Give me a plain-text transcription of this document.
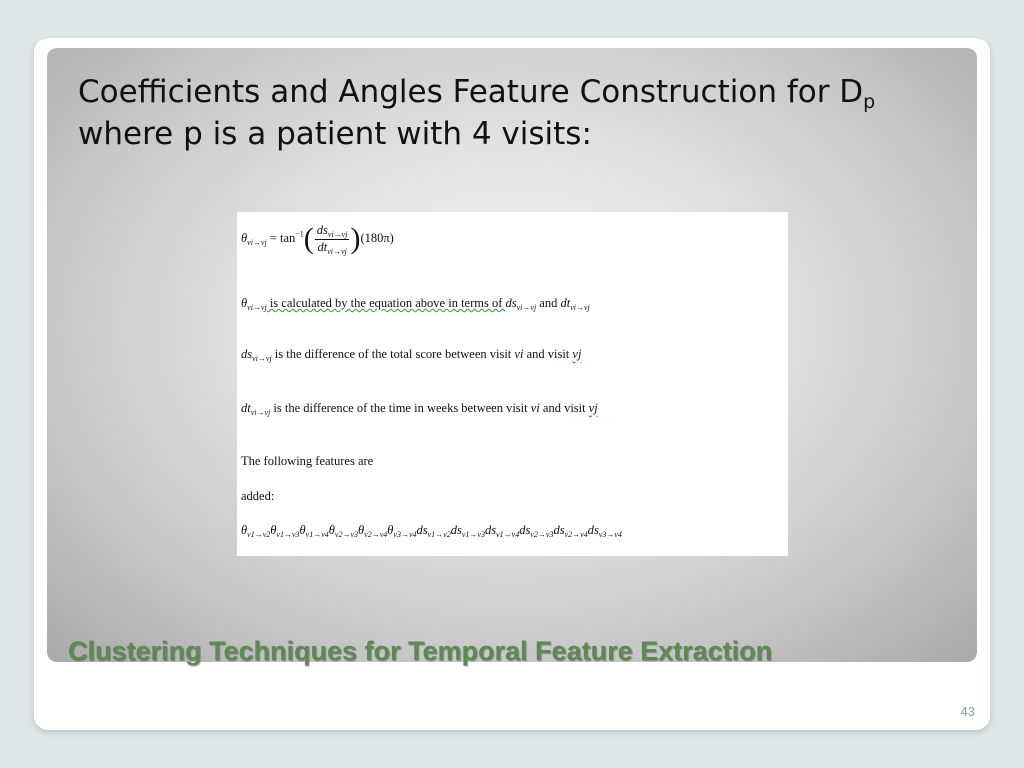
Coefficients and Angles Feature Construction for $D_p$
where p is a patient with 4 visits:
$\theta_{vi\to vj} = \tan^{-1}( \frac{ds_{vi\to vj}}{dt_{vi\to vj}} )(180\pi)$
$\theta_{vi\to vj}$ is calculated by the equation above in terms of $ds_{vi\to vj}$ and $dt_{vi\to vj}$
$ds_{vi\to vj}$ is the difference of the total score between visit vi and visit vj
$dt_{vi\to vj}$ is the difference of the time in weeks between visit vi and visit vj
The following features are
added:
$\theta_{v1\to v2}\theta_{v1\to v3}\theta_{v1\to v4}\theta_{v2\to v3}\theta_{v2\to v4}\theta_{v3\to v4}ds_{v1\to v2}ds_{v1\to v3}ds_{v1\to v4}ds_{v2\to v3}ds_{v2\to v4}ds_{v3\to v4}$
Clustering Techniques for Temporal Feature Extraction
43
